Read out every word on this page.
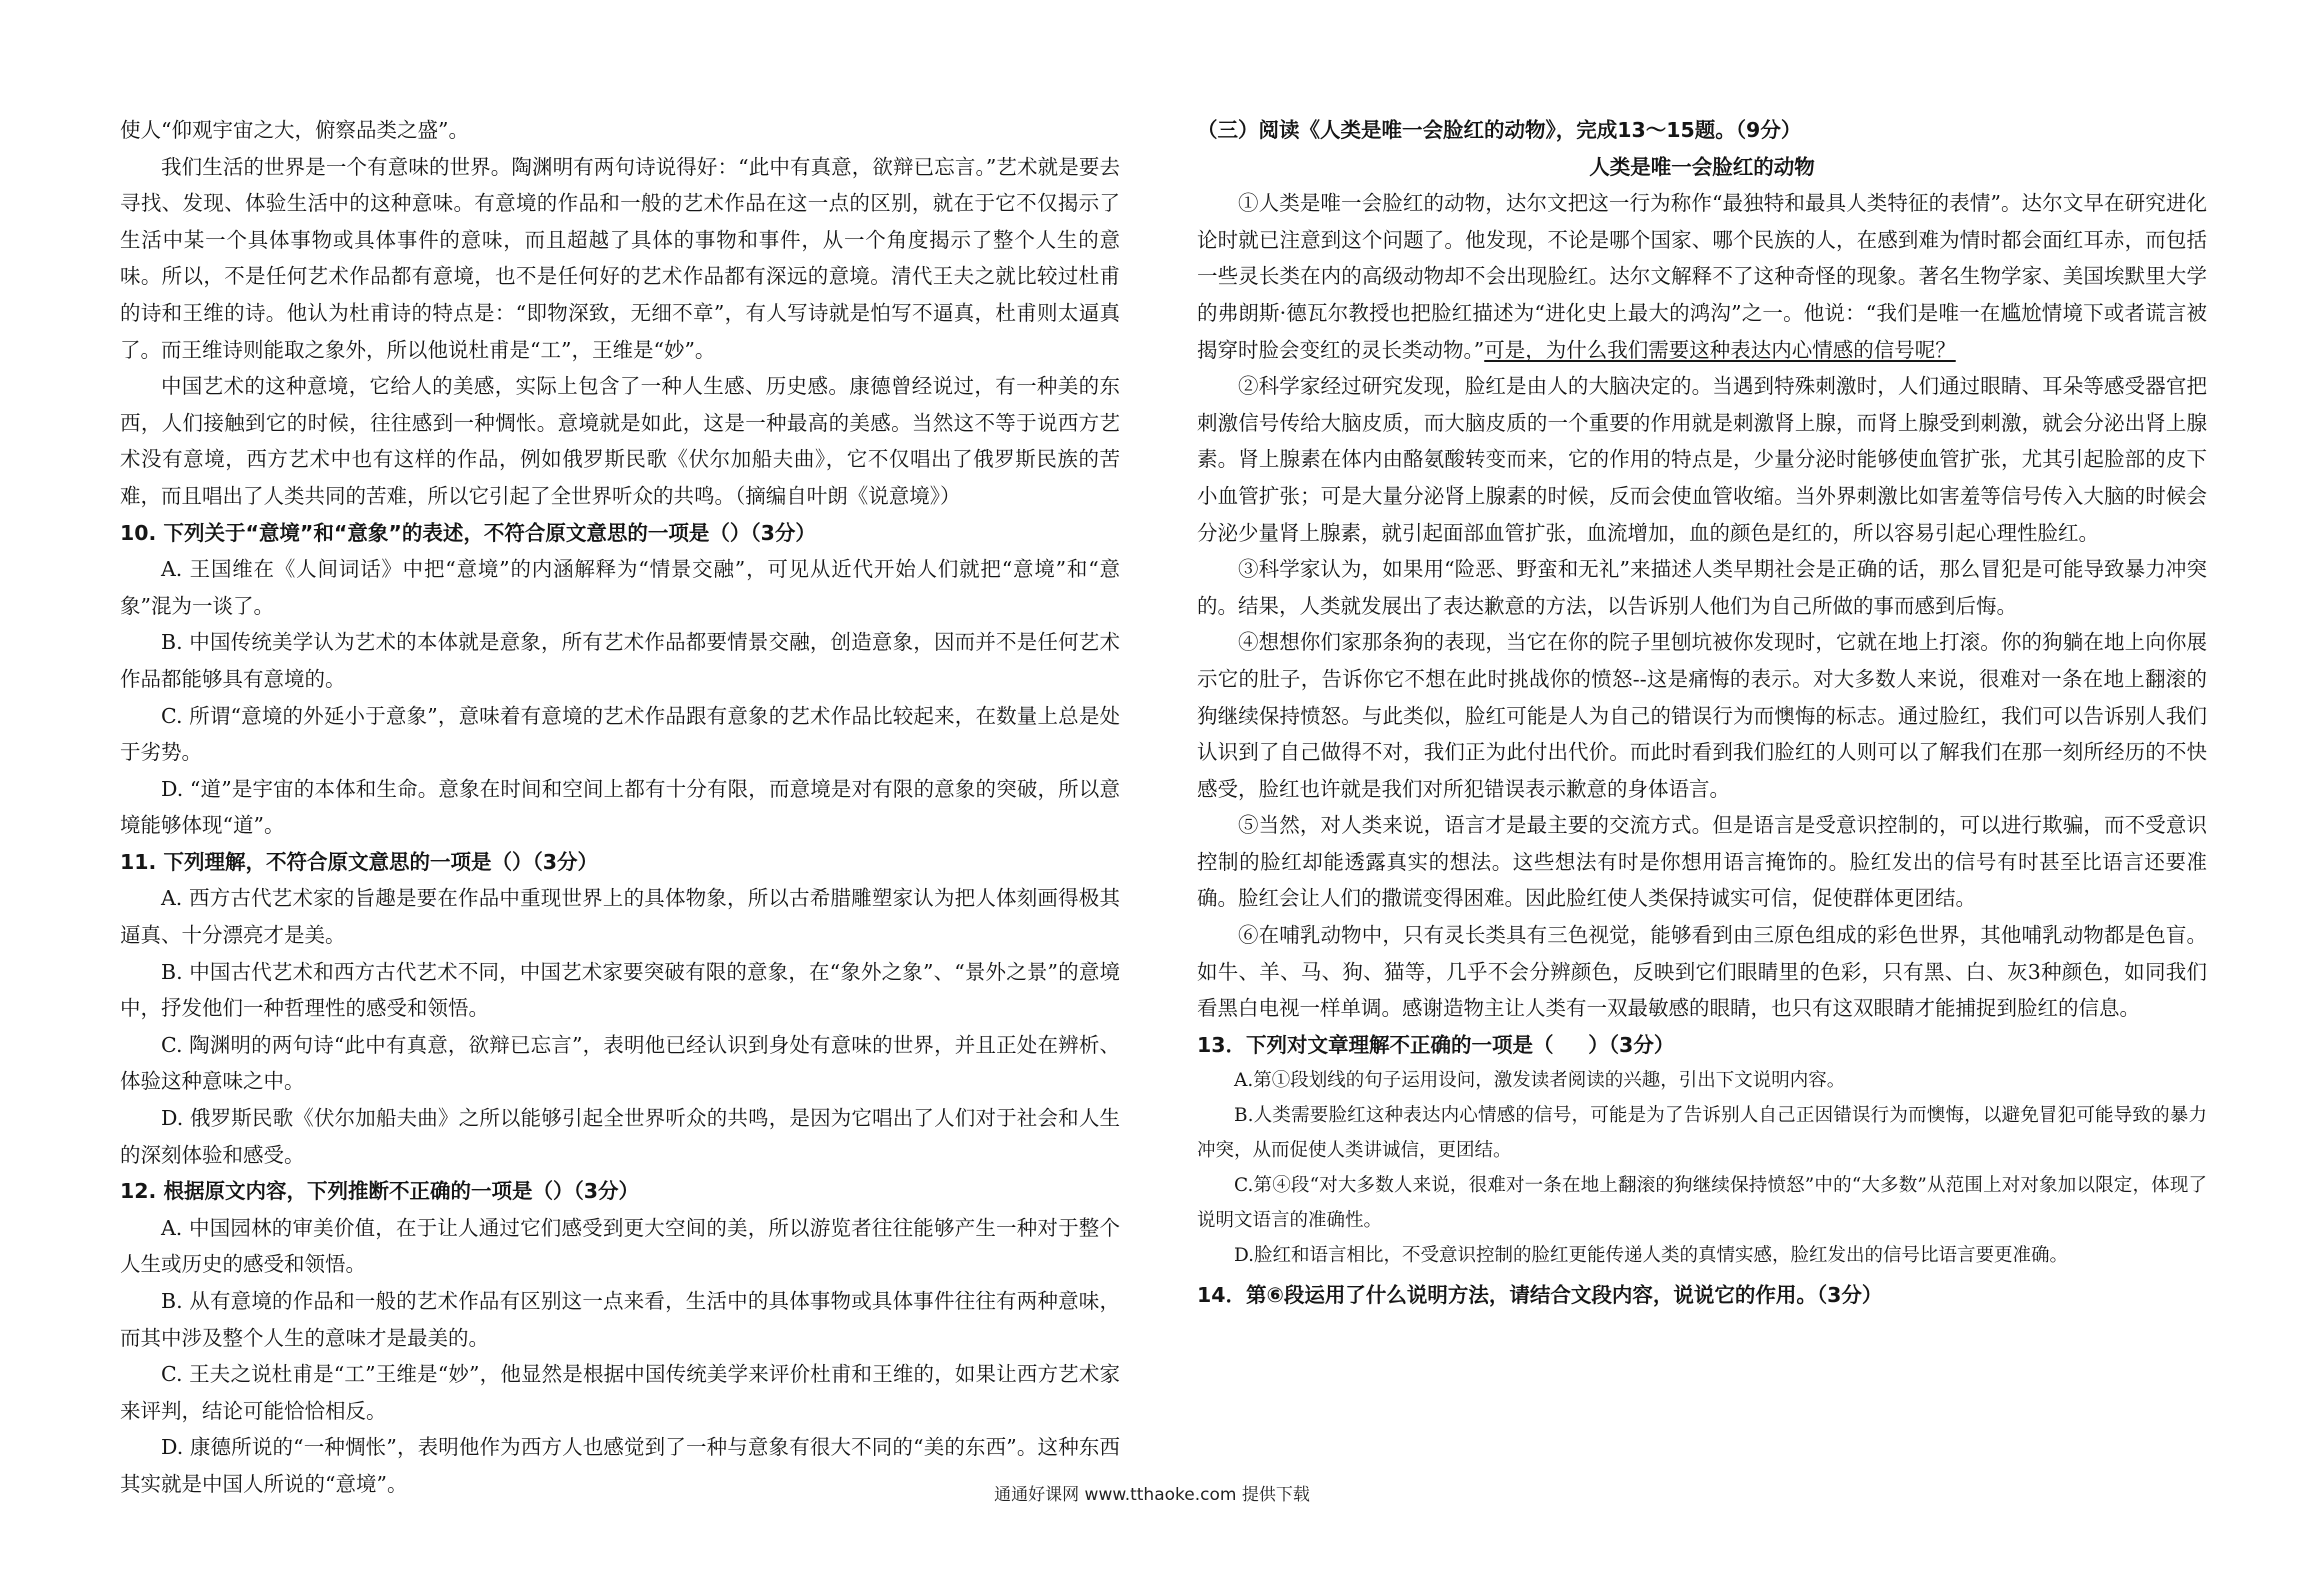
使人“仰观宇宙之大，俯察品类之盛”。

我们生活的世界是一个有意味的世界。陶渊明有两句诗说得好：“此中有真意，欲辩已忘言。”艺术就是要去寻找、发现、体验生活中的这种意味。有意境的作品和一般的艺术作品在这一点的区别，就在于它不仅揭示了生活中某一个具体事物或具体事件的意味，而且超越了具体的事物和事件，从一个角度揭示了整个人生的意味。所以，不是任何艺术作品都有意境，也不是任何好的艺术作品都有深远的意境。清代王夫之就比较过杜甫的诗和王维的诗。他认为杜甫诗的特点是：“即物深致，无细不章”，有人写诗就是怕写不逼真，杜甫则太逼真了。而王维诗则能取之象外，所以他说杜甫是“工”，王维是“妙”。

中国艺术的这种意境，它给人的美感，实际上包含了一种人生感、历史感。康德曾经说过，有一种美的东西，人们接触到它的时候，往往感到一种惆怅。意境就是如此，这是一种最高的美感。当然这不等于说西方艺术没有意境，西方艺术中也有这样的作品，例如俄罗斯民歌《伏尔加船夫曲》，它不仅唱出了俄罗斯民族的苦难，而且唱出了人类共同的苦难，所以它引起了全世界听众的共鸣。（摘编自叶朗《说意境》）

10. 下列关于“意境”和“意象”的表述，不符合原文意思的一项是（）（3分）

A. 王国维在《人间词话》中把“意境”的内涵解释为“情景交融”，可见从近代开始人们就把“意境”和“意象”混为一谈了。

B. 中国传统美学认为艺术的本体就是意象，所有艺术作品都要情景交融，创造意象，因而并不是任何艺术作品都能够具有意境的。

C. 所谓“意境的外延小于意象”，意味着有意境的艺术作品跟有意象的艺术作品比较起来，在数量上总是处于劣势。

D. “道”是宇宙的本体和生命。意象在时间和空间上都有十分有限，而意境是对有限的意象的突破，所以意境能够体现“道”。

11. 下列理解，不符合原文意思的一项是（）（3分）

A. 西方古代艺术家的旨趣是要在作品中重现世界上的具体物象，所以古希腊雕塑家认为把人体刻画得极其逼真、十分漂亮才是美。

B. 中国古代艺术和西方古代艺术不同，中国艺术家要突破有限的意象，在“象外之象”、“景外之景”的意境中，抒发他们一种哲理性的感受和领悟。

C. 陶渊明的两句诗“此中有真意，欲辩已忘言”，表明他已经认识到身处有意味的世界，并且正处在辨析、体验这种意味之中。

D. 俄罗斯民歌《伏尔加船夫曲》之所以能够引起全世界听众的共鸣，是因为它唱出了人们对于社会和人生的深刻体验和感受。

12. 根据原文内容，下列推断不正确的一项是（）（3分）

A. 中国园林的审美价值，在于让人通过它们感受到更大空间的美，所以游览者往往能够产生一种对于整个人生或历史的感受和领悟。

B. 从有意境的作品和一般的艺术作品有区别这一点来看，生活中的具体事物或具体事件往往有两种意味，而其中涉及整个人生的意味才是最美的。

C. 王夫之说杜甫是“工”王维是“妙”，他显然是根据中国传统美学来评价杜甫和王维的，如果让西方艺术家来评判，结论可能恰恰相反。

D. 康德所说的“一种惆怅”，表明他作为西方人也感觉到了一种与意象有很大不同的“美的东西”。这种东西其实就是中国人所说的“意境”。

（三）阅读《人类是唯一会脸红的动物》，完成13～15题。（9分）

人类是唯一会脸红的动物

①人类是唯一会脸红的动物，达尔文把这一行为称作“最独特和最具人类特征的表情”。达尔文早在研究进化论时就已注意到这个问题了。他发现，不论是哪个国家、哪个民族的人，在感到难为情时都会面红耳赤，而包括一些灵长类在内的高级动物却不会出现脸红。达尔文解释不了这种奇怪的现象。著名生物学家、美国埃默里大学的弗朗斯·德瓦尔教授也把脸红描述为“进化史上最大的鸿沟”之一。他说：“我们是唯一在尴尬情境下或者谎言被揭穿时脸会变红的灵长类动物。”可是，为什么我们需要这种表达内心情感的信号呢？

②科学家经过研究发现，脸红是由人的大脑决定的。当遇到特殊刺激时，人们通过眼睛、耳朵等感受器官把刺激信号传给大脑皮质，而大脑皮质的一个重要的作用就是刺激肾上腺，而肾上腺受到刺激，就会分泌出肾上腺素。肾上腺素在体内由酪氨酸转变而来，它的作用的特点是，少量分泌时能够使血管扩张，尤其引起脸部的皮下小血管扩张；可是大量分泌肾上腺素的时候，反而会使血管收缩。当外界刺激比如害羞等信号传入大脑的时候会分泌少量肾上腺素，就引起面部血管扩张，血流增加，血的颜色是红的，所以容易引起心理性脸红。

③科学家认为，如果用“险恶、野蛮和无礼”来描述人类早期社会是正确的话，那么冒犯是可能导致暴力冲突的。结果，人类就发展出了表达歉意的方法，以告诉别人他们为自己所做的事而感到后悔。

④想想你们家那条狗的表现，当它在你的院子里刨坑被你发现时，它就在地上打滚。你的狗躺在地上向你展示它的肚子，告诉你它不想在此时挑战你的愤怒--这是痛悔的表示。对大多数人来说，很难对一条在地上翻滚的狗继续保持愤怒。与此类似，脸红可能是人为自己的错误行为而懊悔的标志。通过脸红，我们可以告诉别人我们认识到了自己做得不对，我们正为此付出代价。而此时看到我们脸红的人则可以了解我们在那一刻所经历的不快感受，脸红也许就是我们对所犯错误表示歉意的身体语言。

⑤当然，对人类来说，语言才是最主要的交流方式。但是语言是受意识控制的，可以进行欺骗，而不受意识控制的脸红却能透露真实的想法。这些想法有时是你想用语言掩饰的。脸红发出的信号有时甚至比语言还要准确。脸红会让人们的撒谎变得困难。因此脸红使人类保持诚实可信，促使群体更团结。

⑥在哺乳动物中，只有灵长类具有三色视觉，能够看到由三原色组成的彩色世界，其他哺乳动物都是色盲。如牛、羊、马、狗、猫等，几乎不会分辨颜色，反映到它们眼睛里的色彩，只有黑、白、灰3种颜色，如同我们看黑白电视一样单调。感谢造物主让人类有一双最敏感的眼睛，也只有这双眼睛才能捕捉到脸红的信息。

13．下列对文章理解不正确的一项是（ 　 ）（3分）

A.第①段划线的句子运用设问，激发读者阅读的兴趣，引出下文说明内容。

B.人类需要脸红这种表达内心情感的信号，可能是为了告诉别人自己正因错误行为而懊悔，以避免冒犯可能导致的暴力冲突，从而促使人类讲诚信，更团结。

C.第④段“对大多数人来说，很难对一条在地上翻滚的狗继续保持愤怒”中的“大多数”从范围上对对象加以限定，体现了说明文语言的准确性。

D.脸红和语言相比，不受意识控制的脸红更能传递人类的真情实感，脸红发出的信号比语言要更准确。

14．第⑥段运用了什么说明方法，请结合文段内容，说说它的作用。（3分）

通通好课网 www.tthaoke.com 提供下载
